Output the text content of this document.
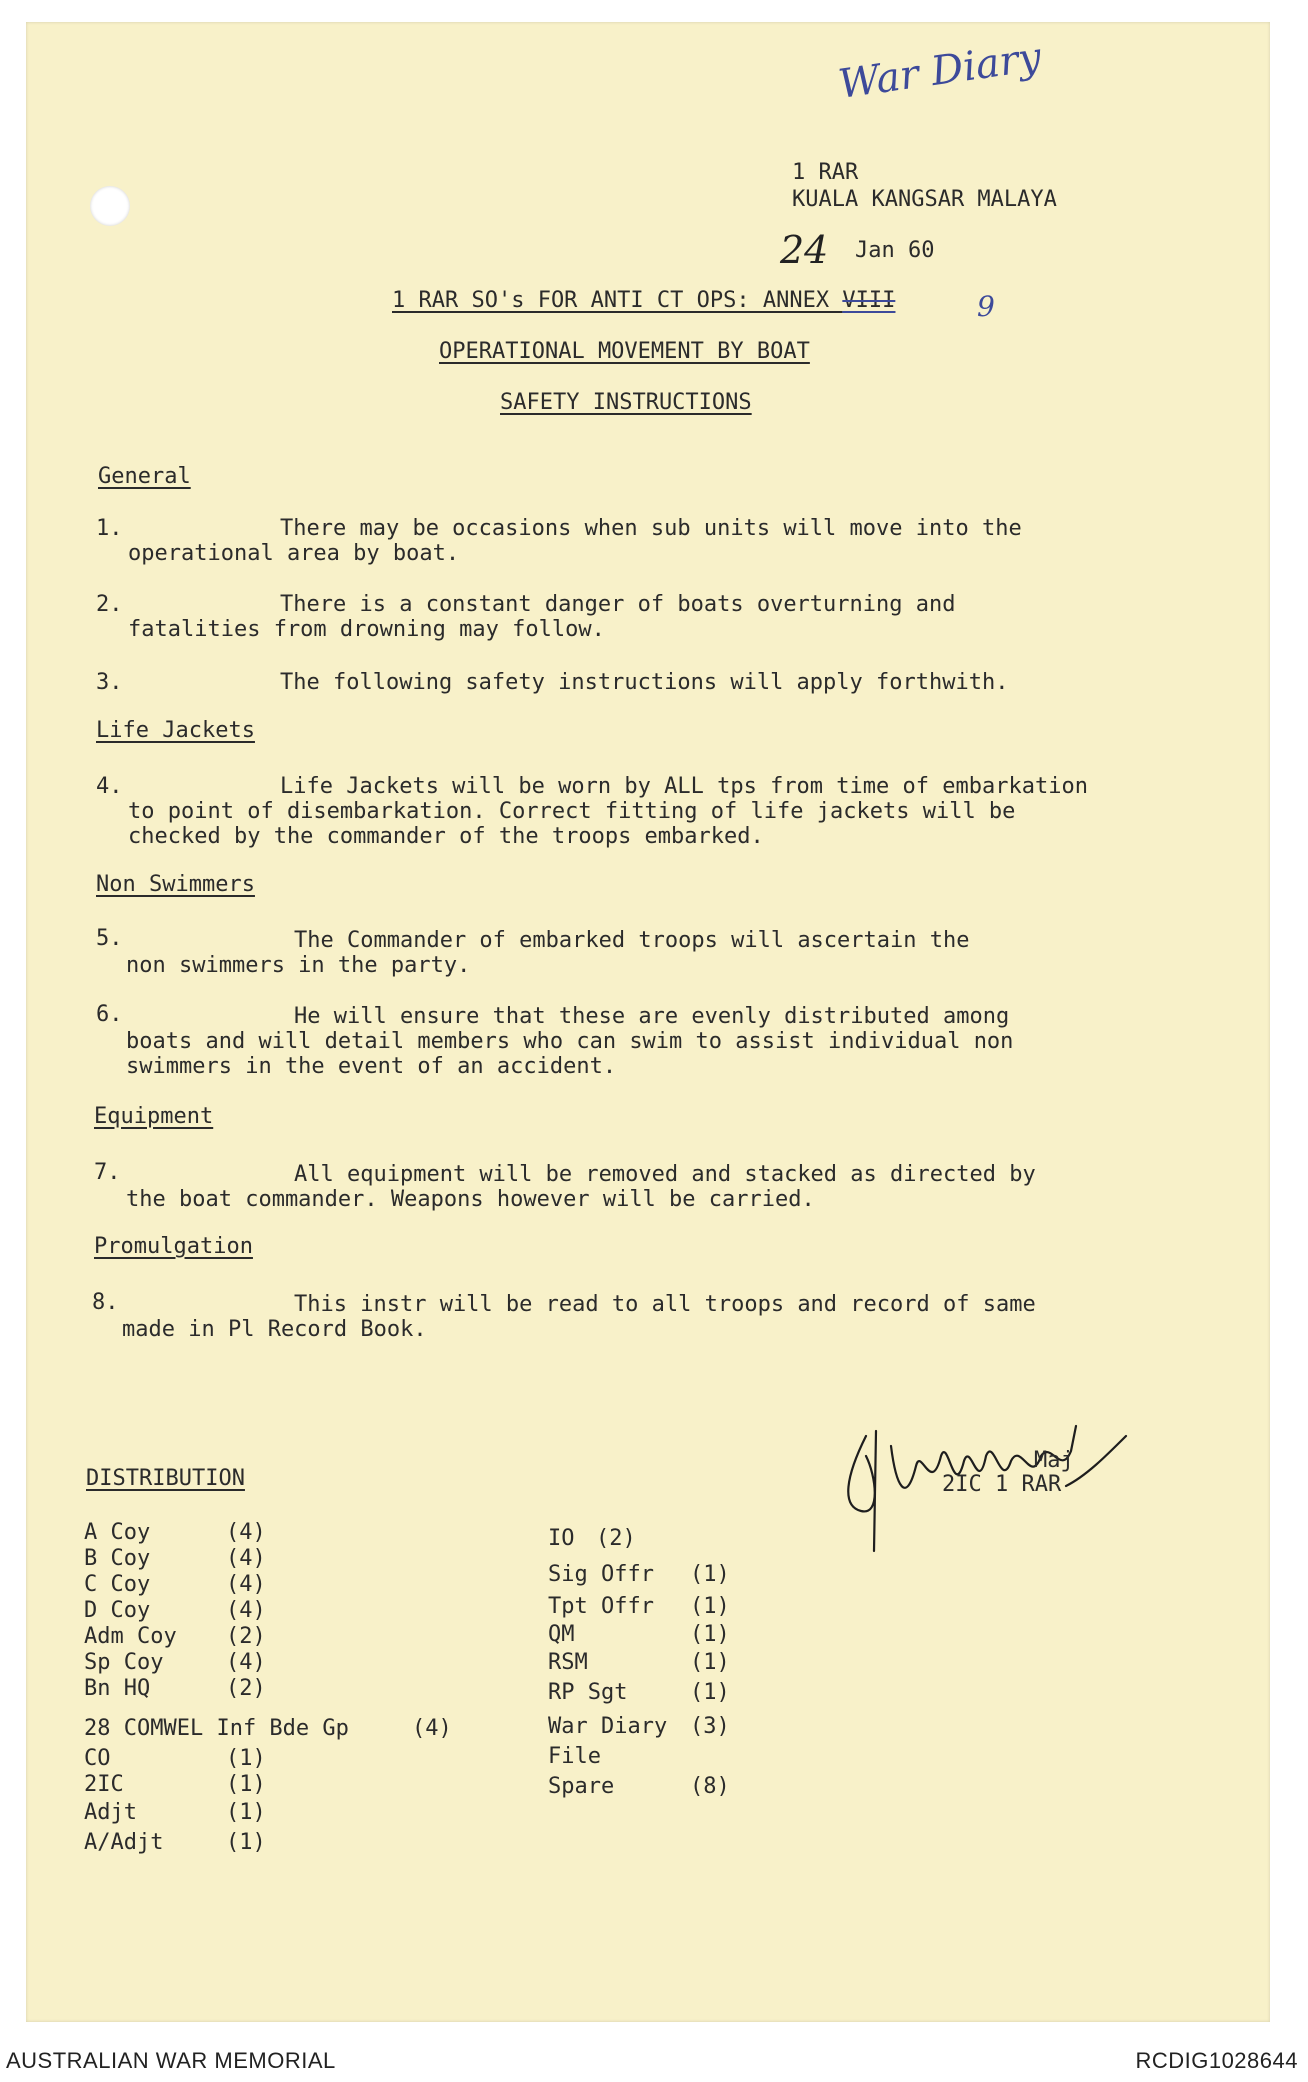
War Diary
24
9
1 RAR
KUALA KANGSAR MALAYA
Jan 60
1 RAR SO's FOR ANTI CT OPS: ANNEX VIII
OPERATIONAL MOVEMENT BY BOAT
SAFETY INSTRUCTIONS
General
1.	There may be occasions when sub units will move into the
operational area by boat.
2.	There is a constant danger of boats overturning and
fatalities from drowning may follow.
3.	The following safety instructions will apply forthwith.
Life Jackets
4.	Life Jackets will be worn by ALL tps from time of embarkation
to point of disembarkation. Correct fitting of life jackets will be
checked by the commander of the troops embarked.
Non Swimmers
5.	The Commander of embarked troops will ascertain the
non swimmers in the party.
6.	He will ensure that these are evenly distributed among
boats and will detail members who can swim to assist individual non
swimmers in the event of an accident.
Equipment
7.	All equipment will be removed and stacked as directed by
the boat commander. Weapons however will be carried.
Promulgation
8.	This instr will be read to all troops and record of same
made in Pl Record Book.

Maj
2IC 1 RAR
DISTRIBUTION
A Coy	(4)
B Coy	(4)
C Coy	(4)
D Coy	(4)
Adm Coy (2)
Sp Coy	(4)
Bn HQ	(2)
28 COMWEL Inf Bde Gp	(4)
CO	(1)
2IC	(1)
Adjt	(1)
A/Adjt	(1)
IO (2)
Sig Offr (1)
Tpt Offr (1)
QM	(1)
RSM	(1)
RP Sgt	(1)
War Diary (3)
File
Spare	(8)
AUSTRALIAN WAR MEMORIAL	RCDIG1028644
